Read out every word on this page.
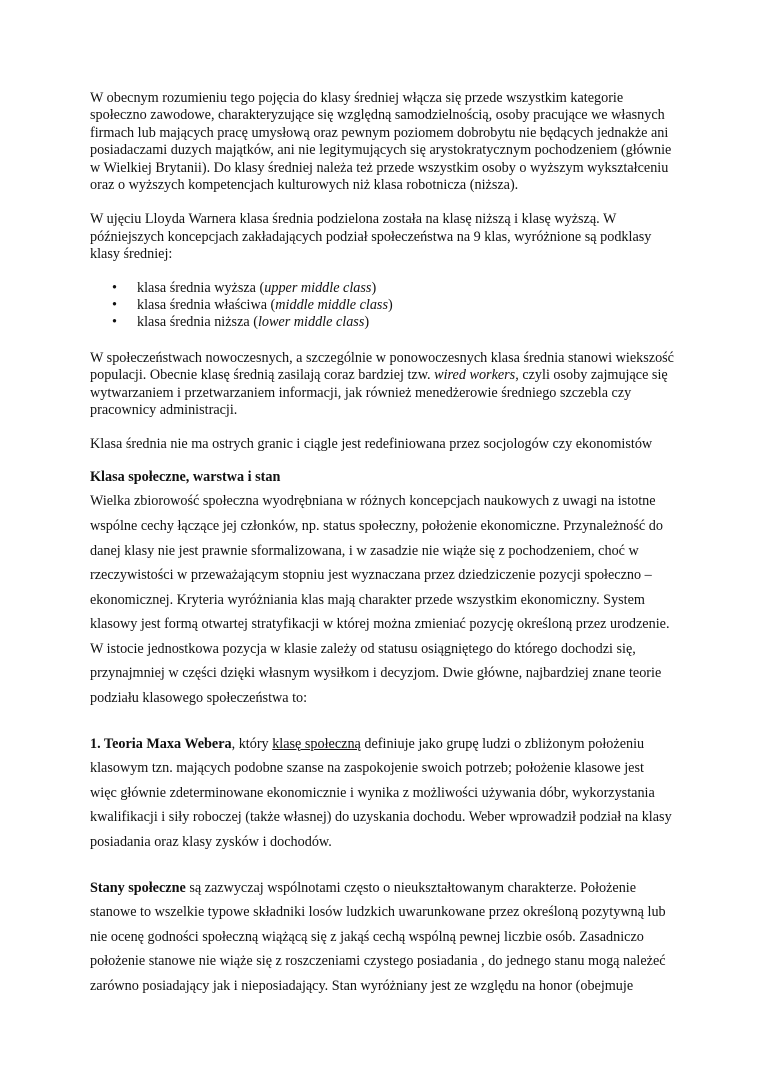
W obecnym rozumieniu tego pojęcia do klasy średniej włącza się przede wszystkim kategorie społeczno zawodowe, charakteryzujące się względną samodzielnością, osoby pracujące we własnych firmach lub mających pracę umysłową oraz pewnym poziomem dobrobytu nie będących jednakże ani posiadaczami duzych majątków, ani nie legitymujących się arystokratycznym pochodzeniem (głównie w Wielkiej Brytanii). Do klasy średniej należa też przede wszystkim osoby o wyższym wykształceniu oraz o wyższych kompetencjach kulturowych niż klasa robotnicza (niższa).

W ujęciu Lloyda Warnera klasa średnia podzielona została na klasę niższą i klasę wyższą. W późniejszych koncepcjach zakładających podział społeczeństwa na 9 klas, wyróżnione są podklasy klasy średniej:

• klasa średnia wyższa (upper middle class)
• klasa średnia właściwa (middle middle class)
• klasa średnia niższa (lower middle class)

W społeczeństwach nowoczesnych, a szczególnie w ponowoczesnych klasa średnia stanowi wiekszość populacji. Obecnie klasę średnią zasilają coraz bardziej tzw. wired workers, czyli osoby zajmujące się wytwarzaniem i przetwarzaniem informacji, jak również menedżerowie średniego szczebla czy pracownicy administracji.

Klasa średnia nie ma ostrych granic i ciągle jest redefiniowana przez socjologów czy ekonomistów

Klasa społeczne, warstwa i stan

Wielka zbiorowość społeczna wyodrębniana w różnych koncepcjach naukowych z uwagi na istotne wspólne cechy łączące jej członków, np. status społeczny, położenie ekonomiczne. Przynależność do danej klasy nie jest prawnie sformalizowana, i w zasadzie nie wiąże się z pochodzeniem, choć w rzeczywistości w przeważającym stopniu jest wyznaczana przez dziedziczenie pozycji społeczno – ekonomicznej. Kryteria wyróżniania klas mają charakter przede wszystkim ekonomiczny. System klasowy jest formą otwartej stratyfikacji w której można zmieniać pozycję określoną przez urodzenie. W istocie jednostkowa pozycja w klasie zależy od statusu osiągniętego do którego dochodzi się, przynajmniej w części dzięki własnym wysiłkom i decyzjom. Dwie główne, najbardziej znane teorie podziału klasowego społeczeństwa to:

1. Teoria Maxa Webera, który klasę społeczną definiuje jako grupę ludzi o zbliżonym położeniu klasowym tzn. mających podobne szanse na zaspokojenie swoich potrzeb; położenie klasowe jest więc głównie zdeterminowane ekonomicznie i wynika z możliwości używania dóbr, wykorzystania kwalifikacji i siły roboczej (także własnej) do uzyskania dochodu. Weber wprowadził podział na klasy posiadania oraz klasy zysków i dochodów.

Stany społeczne są zazwyczaj wspólnotami często o nieukształtowanym charakterze. Położenie stanowe to wszelkie typowe składniki losów ludzkich uwarunkowane przez określoną pozytywną lub nie ocenę godności społeczną wiążącą się z jakąś cechą wspólną pewnej liczbie osób. Zasadniczo położenie stanowe nie wiąże się z roszczeniami czystego posiadania , do jednego stanu mogą należeć zarówno posiadający jak i nieposiadający. Stan wyróżniany jest ze względu na honor (obejmuje
